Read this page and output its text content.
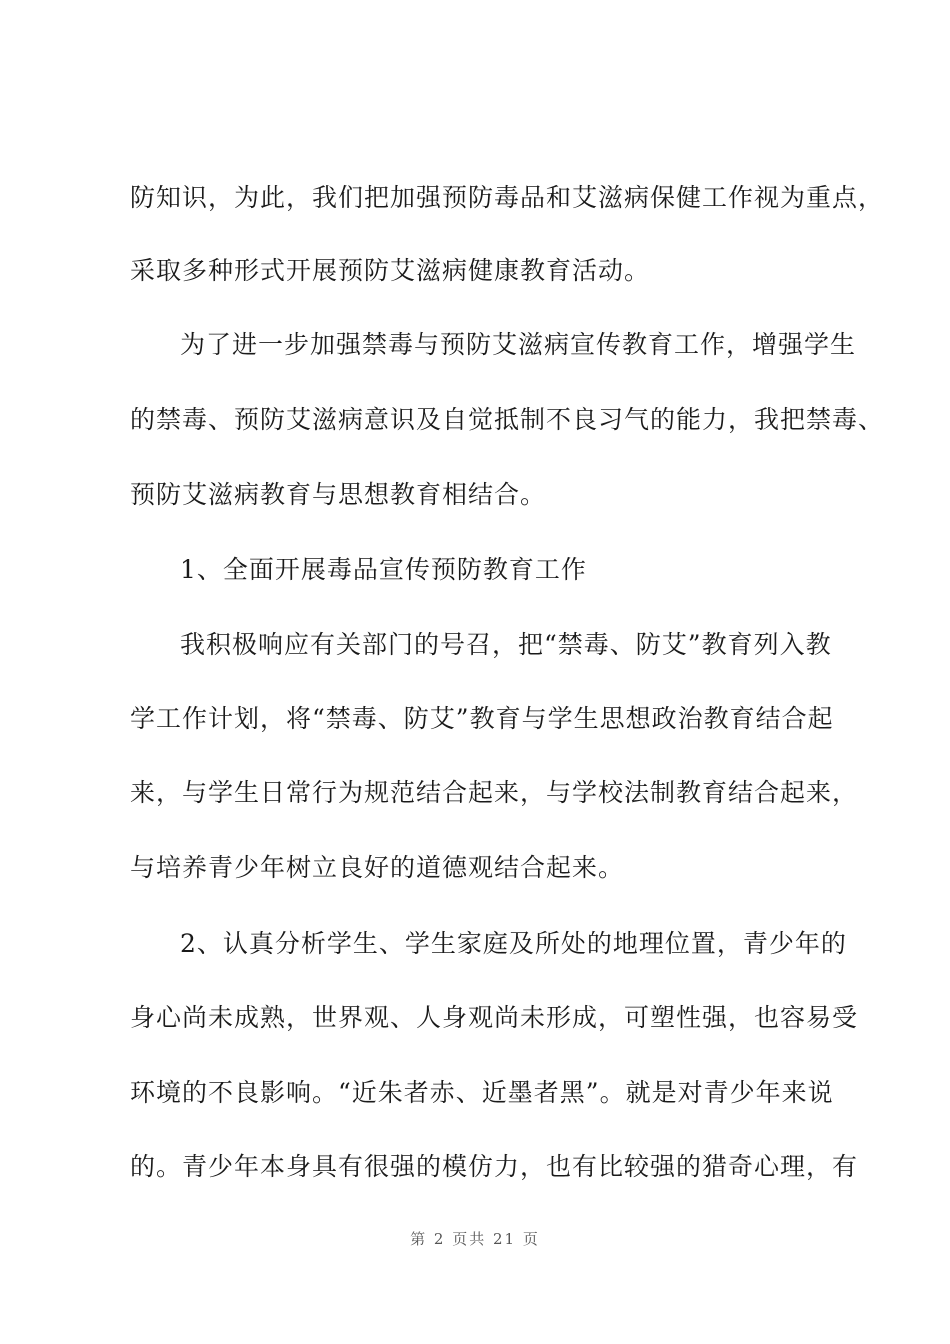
防知识，为此，我们把加强预防毒品和艾滋病保健工作视为重点，
采取多种形式开展预防艾滋病健康教育活动。
为了进一步加强禁毒与预防艾滋病宣传教育工作，增强学生
的禁毒、预防艾滋病意识及自觉抵制不良习气的能力，我把禁毒、
预防艾滋病教育与思想教育相结合。
1、全面开展毒品宣传预防教育工作
我积极响应有关部门的号召，把“禁毒、防艾”教育列入教
学工作计划，将“禁毒、防艾”教育与学生思想政治教育结合起
来，与学生日常行为规范结合起来，与学校法制教育结合起来，
与培养青少年树立良好的道德观结合起来。
2、认真分析学生、学生家庭及所处的地理位置，青少年的
身心尚未成熟，世界观、人身观尚未形成，可塑性强，也容易受
环境的不良影响。“近朱者赤、近墨者黑”。就是对青少年来说
的。青少年本身具有很强的模仿力，也有比较强的猎奇心理，有
第 2 页共 21 页
